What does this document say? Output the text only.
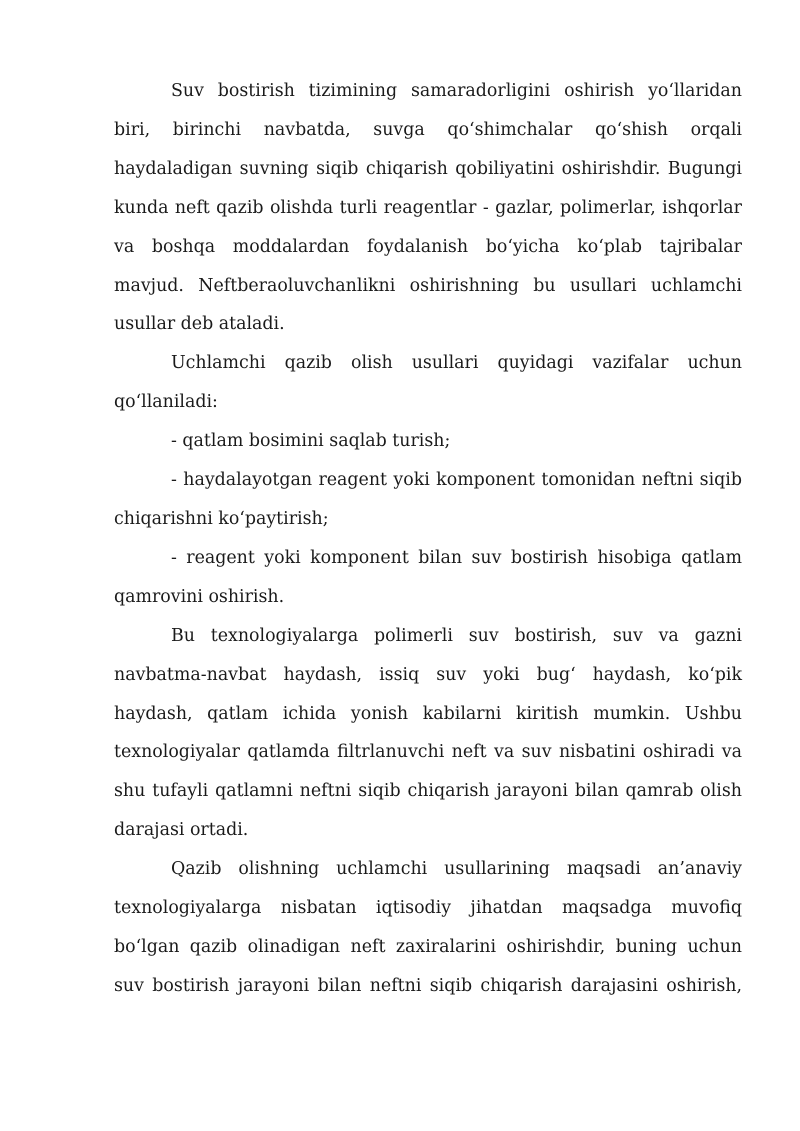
Suv bostirish tizimining samaradorligini oshirish yo‘llaridan biri, birinchi navbatda, suvga qo‘shimchalar qo‘shish orqali haydaladigan suvning siqib chiqarish qobiliyatini oshirishdir. Bugungi kunda neft qazib olishda turli reagentlar - gazlar, polimerlar, ishqorlar va boshqa moddalardan foydalanish bo‘yicha ko‘plab tajribalar mavjud. Neftberaoluvchanlikni oshirishning bu usullari uchlamchi usullar deb ataladi.

Uchlamchi qazib olish usullari quyidagi vazifalar uchun qo‘llaniladi:

- qatlam bosimini saqlab turish;

- haydalayotgan reagent yoki komponent tomonidan neftni siqib chiqarishni ko‘paytirish;

- reagent yoki komponent bilan suv bostirish hisobiga qatlam qamrovini oshirish.

Bu texnologiyalarga polimerli suv bostirish, suv va gazni navbatma-navbat haydash, issiq suv yoki bug‘ haydash, ko‘pik haydash, qatlam ichida yonish kabilarni kiritish mumkin. Ushbu texnologiyalar qatlamda filtrlanuvchi neft va suv nisbatini oshiradi va shu tufayli qatlamni neftni siqib chiqarish jarayoni bilan qamrab olish darajasi ortadi.

Qazib olishning uchlamchi usullarining maqsadi an’anaviy texnologiyalarga nisbatan iqtisodiy jihatdan maqsadga muvofiq bo‘lgan qazib olinadigan neft zaxiralarini oshirishdir, buning uchun suv bostirish jarayoni bilan neftni siqib chiqarish darajasini oshirish,
